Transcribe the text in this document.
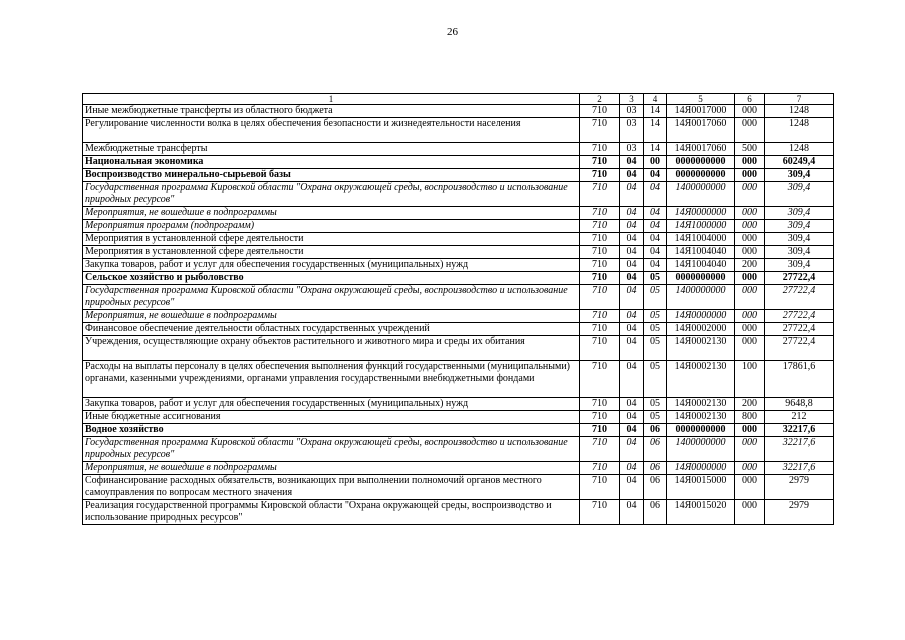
26
1	2	3	4	5	6	7
Иные межбюджетные трансферты из областного бюджета	710	03	14	14Я0017000	000	1248
Регулирование численности волка в целях обеспечения безопасности и жизнедеятельности населения	710	03	14	14Я0017060	000	1248
Межбюджетные трансферты	710	03	14	14Я0017060	500	1248
Национальная экономика	710	04	00	0000000000	000	60249,4
Воспроизводство минерально-сырьевой базы	710	04	04	0000000000	000	309,4
Государственная программа Кировской области "Охрана окружающей среды, воспроизводство и использование природных ресурсов"	710	04	04	1400000000	000	309,4
Мероприятия, не вошедшие в подпрограммы	710	04	04	14Я0000000	000	309,4
Мероприятия программ (подпрограмм)	710	04	04	14Я1000000	000	309,4
Мероприятия в установленной сфере деятельности	710	04	04	14Я1004000	000	309,4
Мероприятия в установленной сфере деятельности	710	04	04	14Я1004040	000	309,4
Закупка товаров, работ и услуг для обеспечения государственных (муниципальных) нужд	710	04	04	14Я1004040	200	309,4
Сельское хозяйство и рыболовство	710	04	05	0000000000	000	27722,4
Государственная программа Кировской области "Охрана окружающей среды, воспроизводство и использование природных ресурсов"	710	04	05	1400000000	000	27722,4
Мероприятия, не вошедшие в подпрограммы	710	04	05	14Я0000000	000	27722,4
Финансовое обеспечение деятельности областных государственных учреждений	710	04	05	14Я0002000	000	27722,4
Учреждения, осуществляющие охрану объектов растительного и животного мира и среды их обитания	710	04	05	14Я0002130	000	27722,4
Расходы на выплаты персоналу в целях обеспечения выполнения функций государственными (муниципальными) органами, казенными учреждениями, органами управления государственными внебюджетными фондами	710	04	05	14Я0002130	100	17861,6
Закупка товаров, работ и услуг для обеспечения государственных (муниципальных) нужд	710	04	05	14Я0002130	200	9648,8
Иные бюджетные ассигнования	710	04	05	14Я0002130	800	212
Водное хозяйство	710	04	06	0000000000	000	32217,6
Государственная программа Кировской области "Охрана окружающей среды, воспроизводство и использование природных ресурсов"	710	04	06	1400000000	000	32217,6
Мероприятия, не вошедшие в подпрограммы	710	04	06	14Я0000000	000	32217,6
Софинансирование расходных обязательств, возникающих при выполнении полномочий органов местного самоуправления по вопросам местного значения	710	04	06	14Я0015000	000	2979
Реализация государственной программы Кировской области "Охрана окружающей среды, воспроизводство и использование природных ресурсов"	710	04	06	14Я0015020	000	2979
